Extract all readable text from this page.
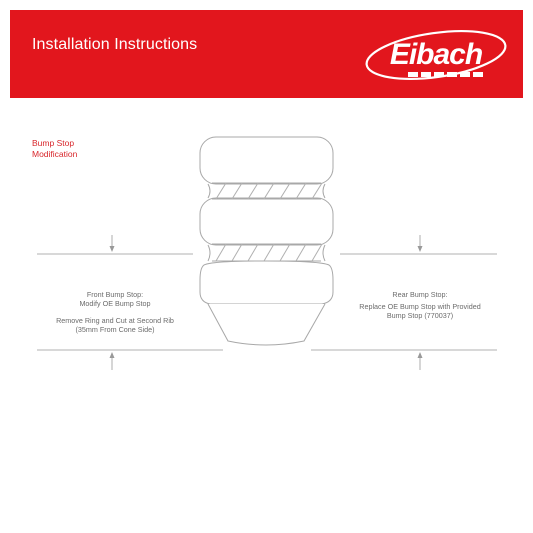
Installation Instructions	Eibach
Bump Stop
Modification
Front Bump Stop:
Modify OE Bump Stop
Remove Ring and Cut at Second Rib
(35mm From Cone Side)
Rear Bump Stop:
Replace OE Bump Stop with Provided
Bump Stop (770037)
